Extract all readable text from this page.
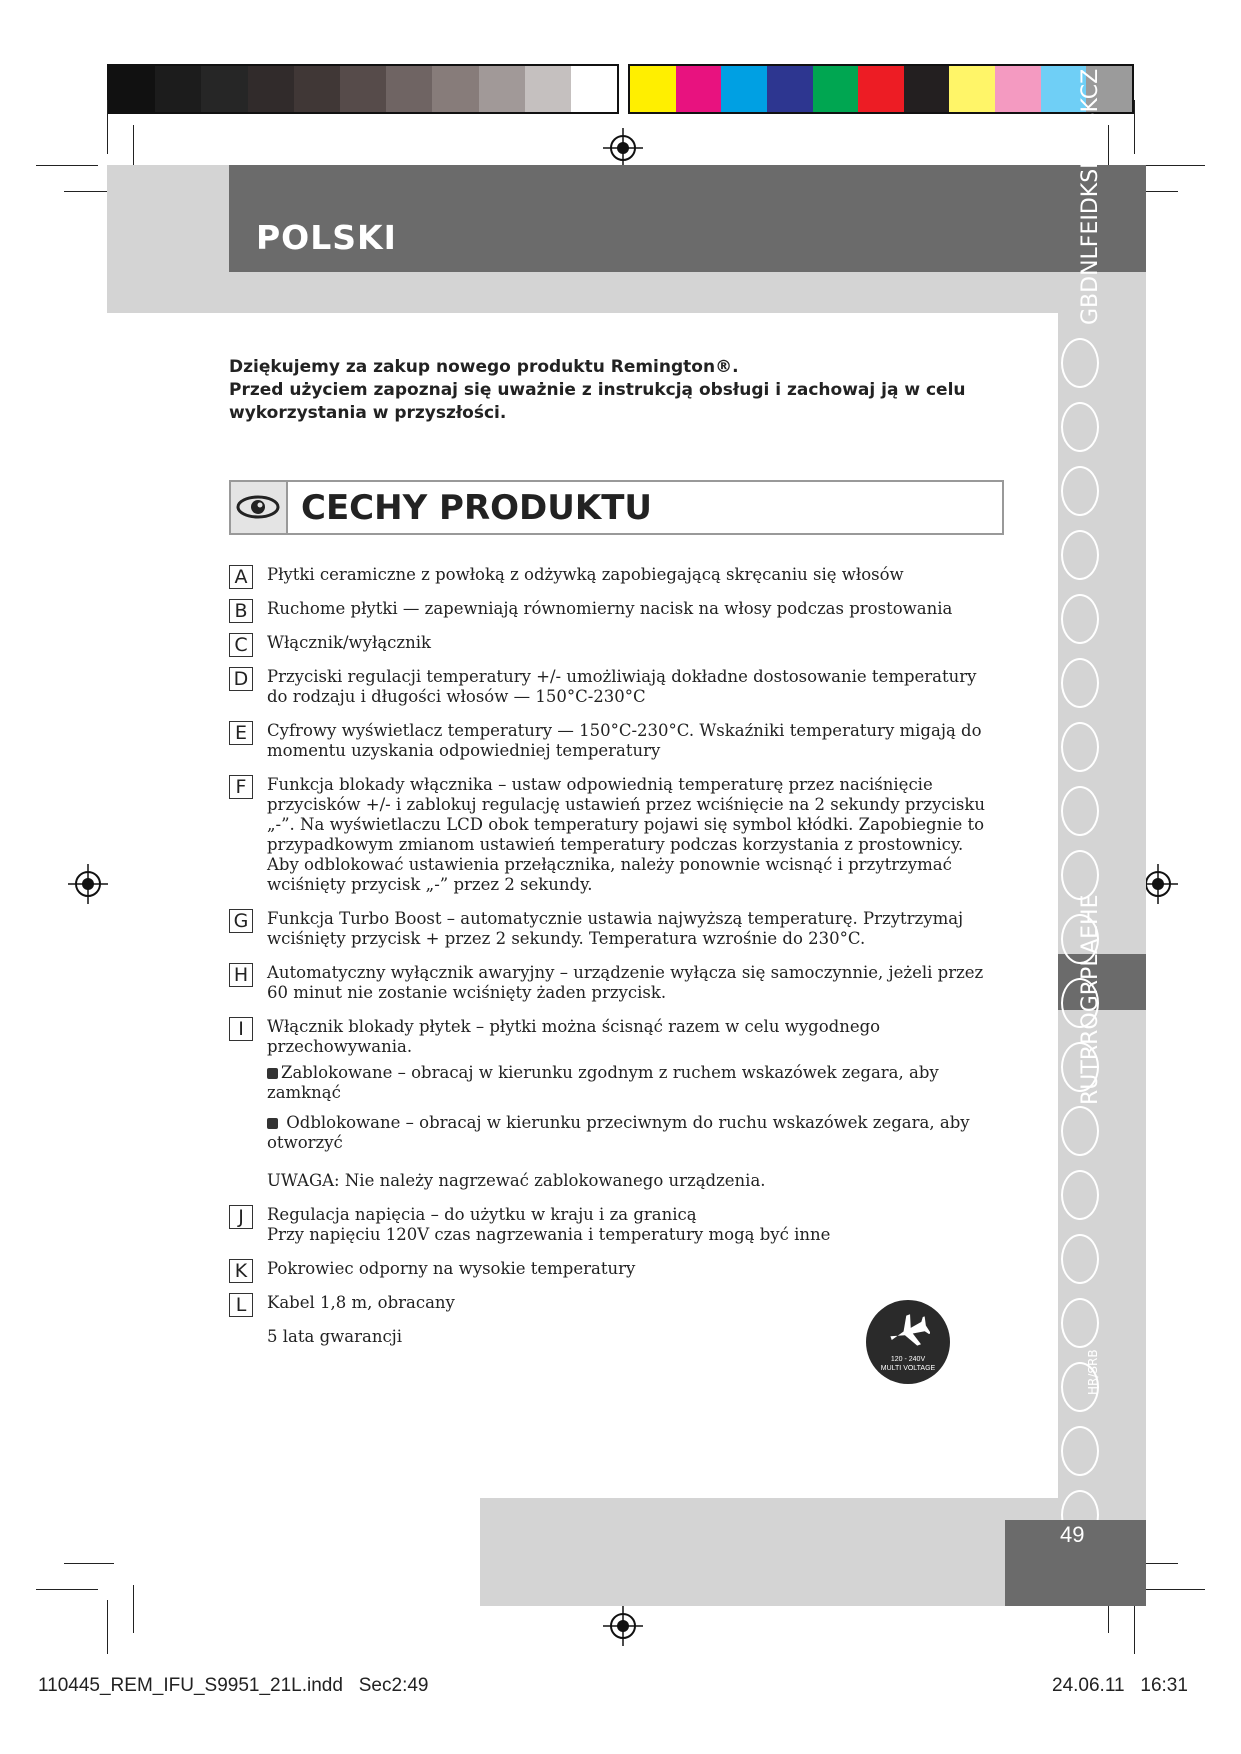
POLSKI	GBDNLFEIDKSFNPSKCZ
RUTRROGRPLAEHE
HR/SRB
Dziękujemy za zakup nowego produktu Remington®.
Przed użyciem zapoznaj się uważnie z instrukcją obsługi i zachowaj ją w celu wykorzystania w przyszłości.
CECHY PRODUKTU
A	Płytki ceramiczne z powłoką z odżywką zapobiegającą skręcaniu się włosów
B	Ruchome płytki — zapewniają równomierny nacisk na włosy podczas prostowania
C	Włącznik/wyłącznik
D Przyciski regulacji temperatury +/- umożliwiają dokładne dostosowanie temperatury do rodzaju i długości włosów — 150°C-230°C
E	Cyfrowy wyświetlacz temperatury — 150°C-230°C. Wskaźniki temperatury migają do momentu uzyskania odpowiedniej temperatury
F	Funkcja blokady włącznika – ustaw odpowiednią temperaturę przez naciśnięcie przycisków +/- i zablokuj regulację ustawień przez wciśnięcie na 2 sekundy przycisku „-”. Na wyświetlaczu LCD obok temperatury pojawi się symbol kłódki. Zapobiegnie to przypadkowym zmianom ustawień temperatury podczas korzystania z prostownicy. Aby odblokować ustawienia przełącznika, należy ponownie wcisnąć i przytrzymać wciśnięty przycisk „-” przez 2 sekundy.
G Funkcja Turbo Boost – automatycznie ustawia najwyższą temperaturę. Przytrzymaj wciśnięty przycisk + przez 2 sekundy. Temperatura wzrośnie do 230°C.
H Automatyczny wyłącznik awaryjny – urządzenie wyłącza się samoczynnie, jeżeli przez 60 minut nie zostanie wciśnięty żaden przycisk.
I	Włącznik blokady płytek – płytki można ścisnąć razem w celu wygodnego przechowywania.
Zablokowane – obracaj w kierunku zgodnym z ruchem wskazówek zegara, aby zamknąć
Odblokowane – obracaj w kierunku przeciwnym do ruchu wskazówek zegara, aby otworzyć
UWAGA: Nie należy nagrzewać zablokowanego urządzenia.
J	Regulacja napięcia – do użytku w kraju i za granicą
Przy napięciu 120V czas nagrzewania i temperatury mogą być inne
K	Pokrowiec odporny na wysokie temperatury
L	Kabel 1,8 m, obracany
5 lata gwarancji
120 - 240V
MULTI VOLTAGE
49
110445_REM_IFU_S9951_21L.indd   Sec2:49	24.06.11   16:31
